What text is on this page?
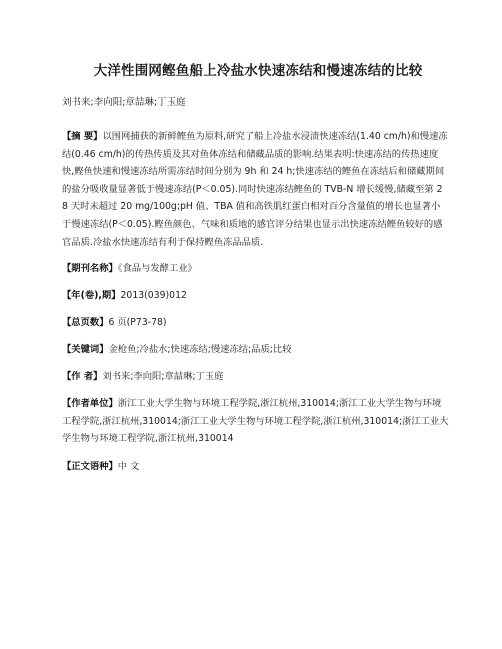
大洋性围网鲣鱼船上冷盐水快速冻结和慢速冻结的比较
刘书来;李向阳;章喆琳;丁玉庭
【摘 要】以围网捕获的新鲜鲣鱼为原料,研究了船上冷盐水浸渍快速冻结(1.40 cm/h)和慢速冻结(0.46 cm/h)的传热传质及其对鱼体冻结和储藏品质的影响.结果表明:快速冻结的传热速度快,鲣鱼快速和慢速冻结所需冻结时间分别为 9h 和 24 h;快速冻结的鲣鱼在冻结后和储藏期间的盐分吸收量显著低于慢速冻结(P＜0.05).同时快速冻结鲣鱼的 TVB-N 增长缓慢,储藏至第 28 天时未超过 20 mg/100g;pH 值、TBA 值和高铁肌红蛋白相对百分含量值的增长也显著小于慢速冻结(P＜0.05).鲣鱼颜色、气味和质地的感官评分结果也显示出快速冻结鲣鱼较好的感官品质.冷盐水快速冻结有利于保持鲣鱼冻品品质.
【期刊名称】《食品与发酵工业》
【年(卷),期】2013(039)012
【总页数】6 页(P73-78)
【关键词】金枪鱼;冷盐水;快速冻结;慢速冻结;品质;比较
【作 者】刘书来;李向阳;章喆琳;丁玉庭
【作者单位】浙江工业大学生物与环境工程学院,浙江杭州,310014;浙江工业大学生物与环境工程学院,浙江杭州,310014;浙江工业大学生物与环境工程学院,浙江杭州,310014;浙江工业大学生物与环境工程学院,浙江杭州,310014
【正文语种】中 文
